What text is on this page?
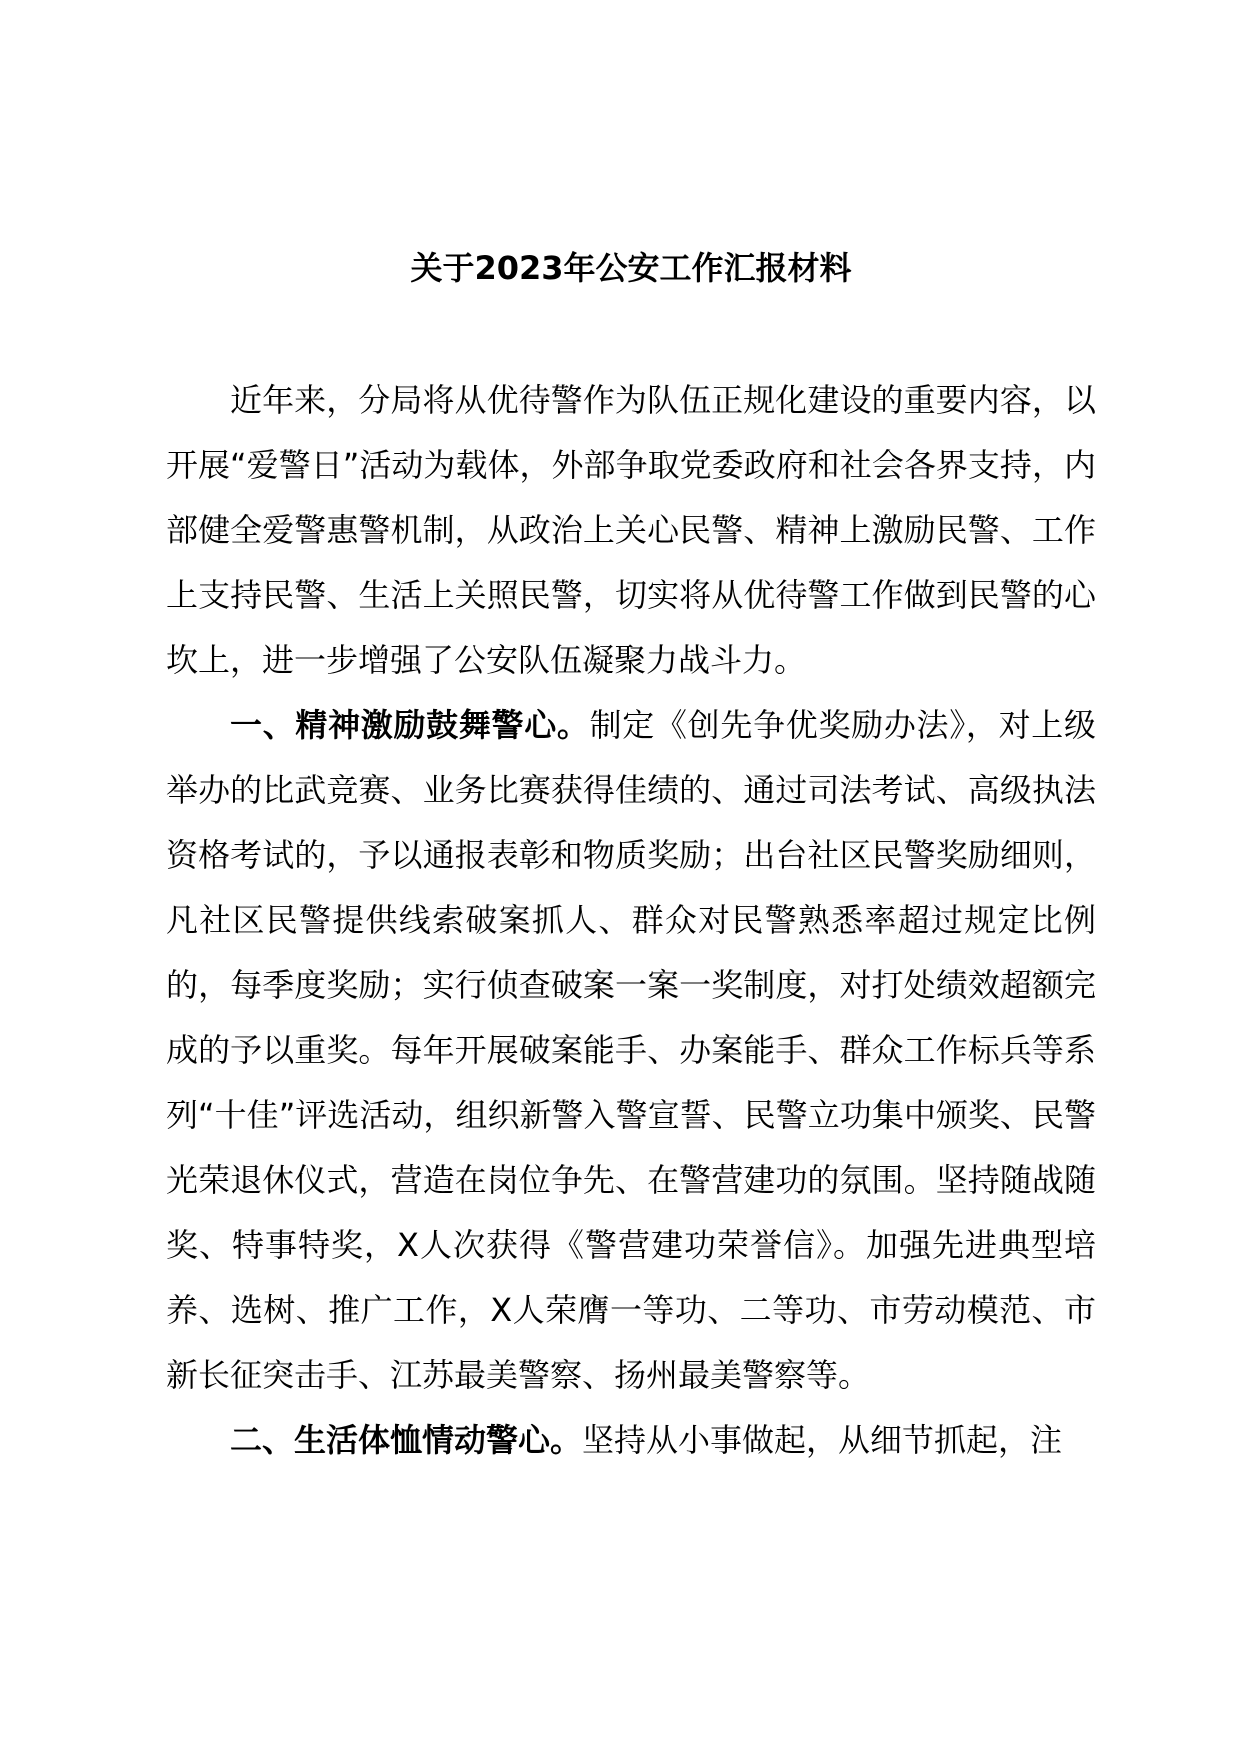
关于2023年公安工作汇报材料

近年来，分局将从优待警作为队伍正规化建设的重要内容，以开展“爱警日”活动为载体，外部争取党委政府和社会各界支持，内部健全爱警惠警机制，从政治上关心民警、精神上激励民警、工作上支持民警、生活上关照民警，切实将从优待警工作做到民警的心坎上，进一步增强了公安队伍凝聚力战斗力。

一、精神激励鼓舞警心。制定《创先争优奖励办法》，对上级举办的比武竞赛、业务比赛获得佳绩的、通过司法考试、高级执法资格考试的，予以通报表彰和物质奖励；出台社区民警奖励细则，凡社区民警提供线索破案抓人、群众对民警熟悉率超过规定比例的，每季度奖励；实行侦查破案一案一奖制度，对打处绩效超额完成的予以重奖。每年开展破案能手、办案能手、群众工作标兵等系列“十佳”评选活动，组织新警入警宣誓、民警立功集中颁奖、民警光荣退休仪式，营造在岗位争先、在警营建功的氛围。坚持随战随奖、特事特奖，X人次获得《警营建功荣誉信》。加强先进典型培养、选树、推广工作，X人荣膺一等功、二等功、市劳动模范、市新长征突击手、江苏最美警察、扬州最美警察等。

二、生活体恤情动警心。坚持从小事做起，从细节抓起，注
